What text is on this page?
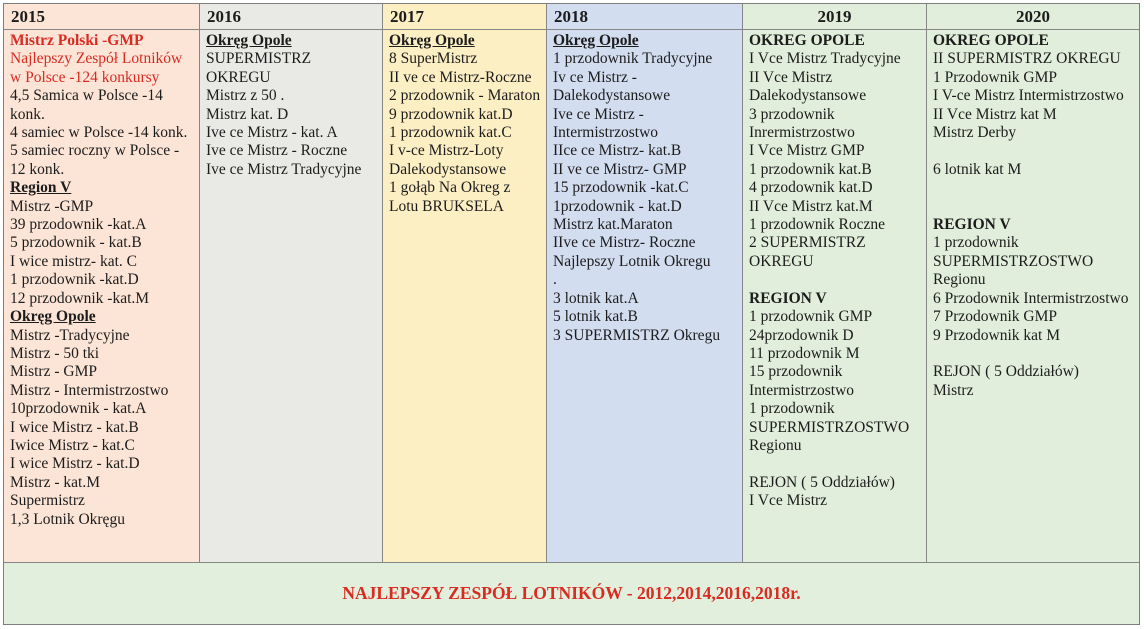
2015
Mistrz Polski -GMP
Najlepszy Zespół Lotników w Polsce -124 konkursy
4,5 Samica w Polsce -14 konk.
4 samiec w Polsce -14 konk.
5 samiec roczny w Polsce - 12 konk.
Region V
Mistrz -GMP
39 przodownik -kat.A
5 przodownik - kat.B
I wice mistrz- kat. C
1 przodownik -kat.D
12 przodownik -kat.M
Okręg Opole
Mistrz -Tradycyjne
Mistrz - 50 tki
Mistrz - GMP
Mistrz - Intermistrzostwo
10przodownik - kat.A
I wice Mistrz - kat.B
Iwice Mistrz - kat.C
I wice Mistrz - kat.D
Mistrz - kat.M
Supermistrz
1,3 Lotnik Okręgu
2016
Okręg Opole
SUPERMISTRZ OKREGU
Mistrz z 50 .
Mistrz kat. D
Ive ce Mistrz - kat. A
Ive ce Mistrz - Roczne
Ive ce Mistrz Tradycyjne
2017
Okręg Opole
8 SuperMistrz
II ve ce Mistrz-Roczne
2 przodownik - Maraton
9 przodownik kat.D
1 przodownik kat.C
I v-ce Mistrz-Loty Dalekodystansowe
1 gołąb Na Okreg z Lotu BRUKSELA
2018
Okręg Opole
1 przodownik Tradycyjne
Iv ce Mistrz - Dalekodystansowe
Ive ce Mistrz - Intermistrzostwo
IIce ce Mistrz- kat.B
II ve ce Mistrz- GMP
15 przodownik -kat.C
1przodownik - kat.D
Mistrz kat.Maraton
IIve ce Mistrz- Roczne
Najlepszy Lotnik Okregu
.
3 lotnik kat.A
5 lotnik kat.B
3 SUPERMISTRZ Okregu
2019
OKREG OPOLE
I Vce Mistrz Tradycyjne
II Vce Mistrz Dalekodystansowe
3 przodownik Inrermistrzostwo
I Vce Mistrz GMP
1 przodownik kat.B
4 przodownik kat.D
II Vce Mistrz kat.M
1 przodownik Roczne
2 SUPERMISTRZ OKREGU

REGION V
1 przodownik GMP
24przodownik D
11 przodownik M
15 przodownik Intermistrzostwo
1 przodownik SUPERMISTRZOSTWO Regionu

REJON ( 5 Oddziałów)
I Vce Mistrz
2020
OKREG OPOLE
II SUPERMISTRZ OKREGU
1 Przodownik GMP
I V-ce Mistrz Intermistrzostwo
II Vce Mistrz kat M
Mistrz Derby

6 lotnik kat M

REGION V
1 przodownik SUPERMISTRZOSTWO Regionu
6 Przodownik Intermistrzostwo
7 Przodownik GMP
9 Przodownik kat M

REJON ( 5 Oddziałów)
Mistrz
NAJLEPSZY ZESPÓŁ LOTNIKÓW - 2012,2014,2016,2018r.
